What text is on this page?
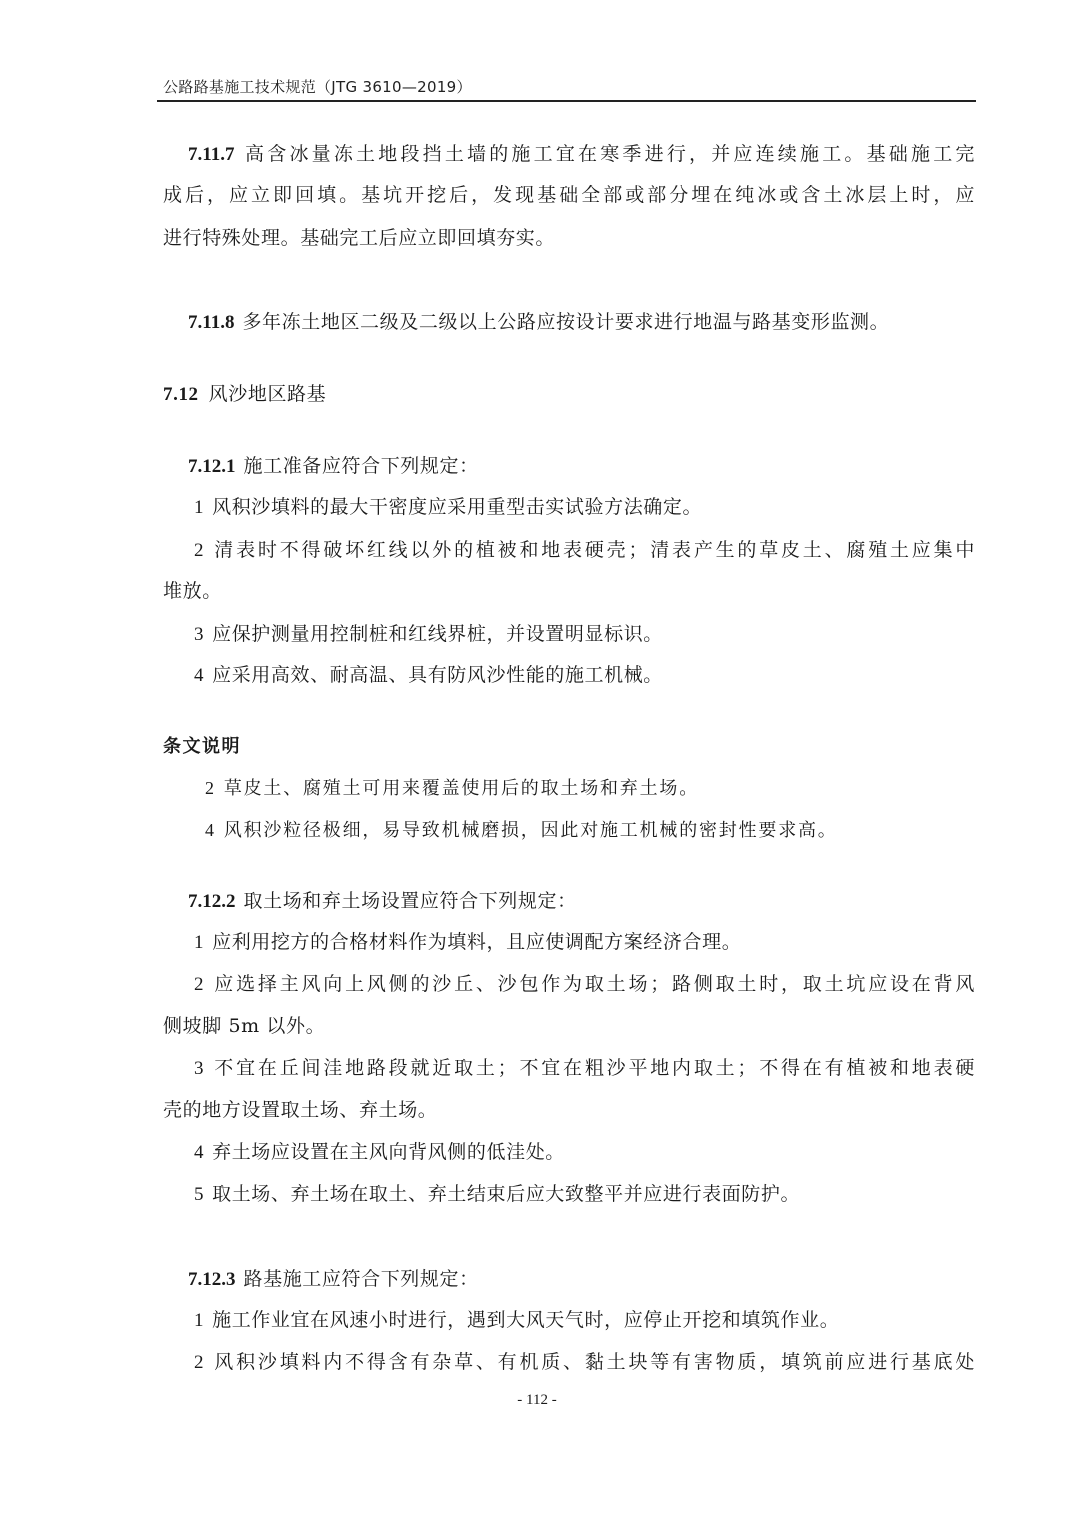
公路路基施工技术规范（JTG 3610—2019）
7.11.7 高含冰量冻土地段挡土墙的施工宜在寒季进行，并应连续施工。基础施工完
成后，应立即回填。基坑开挖后，发现基础全部或部分埋在纯冰或含土冰层上时，应
进行特殊处理。基础完工后应立即回填夯实。
7.11.8 多年冻土地区二级及二级以上公路应按设计要求进行地温与路基变形监测。
7.12 风沙地区路基
7.12.1 施工准备应符合下列规定：
1 风积沙填料的最大干密度应采用重型击实试验方法确定。
2 清表时不得破坏红线以外的植被和地表硬壳；清表产生的草皮土、腐殖土应集中
堆放。
3 应保护测量用控制桩和红线界桩，并设置明显标识。
4 应采用高效、耐高温、具有防风沙性能的施工机械。
条文说明
2 草皮土、腐殖土可用来覆盖使用后的取土场和弃土场。
4 风积沙粒径极细，易导致机械磨损，因此对施工机械的密封性要求高。
7.12.2 取土场和弃土场设置应符合下列规定：
1 应利用挖方的合格材料作为填料，且应使调配方案经济合理。
2 应选择主风向上风侧的沙丘、沙包作为取土场；路侧取土时，取土坑应设在背风
侧坡脚 5m 以外。
3 不宜在丘间洼地路段就近取土；不宜在粗沙平地内取土；不得在有植被和地表硬
壳的地方设置取土场、弃土场。
4 弃土场应设置在主风向背风侧的低洼处。
5 取土场、弃土场在取土、弃土结束后应大致整平并应进行表面防护。
7.12.3 路基施工应符合下列规定：
1 施工作业宜在风速小时进行，遇到大风天气时，应停止开挖和填筑作业。
2 风积沙填料内不得含有杂草、有机质、黏土块等有害物质，填筑前应进行基底处
- 112 -
